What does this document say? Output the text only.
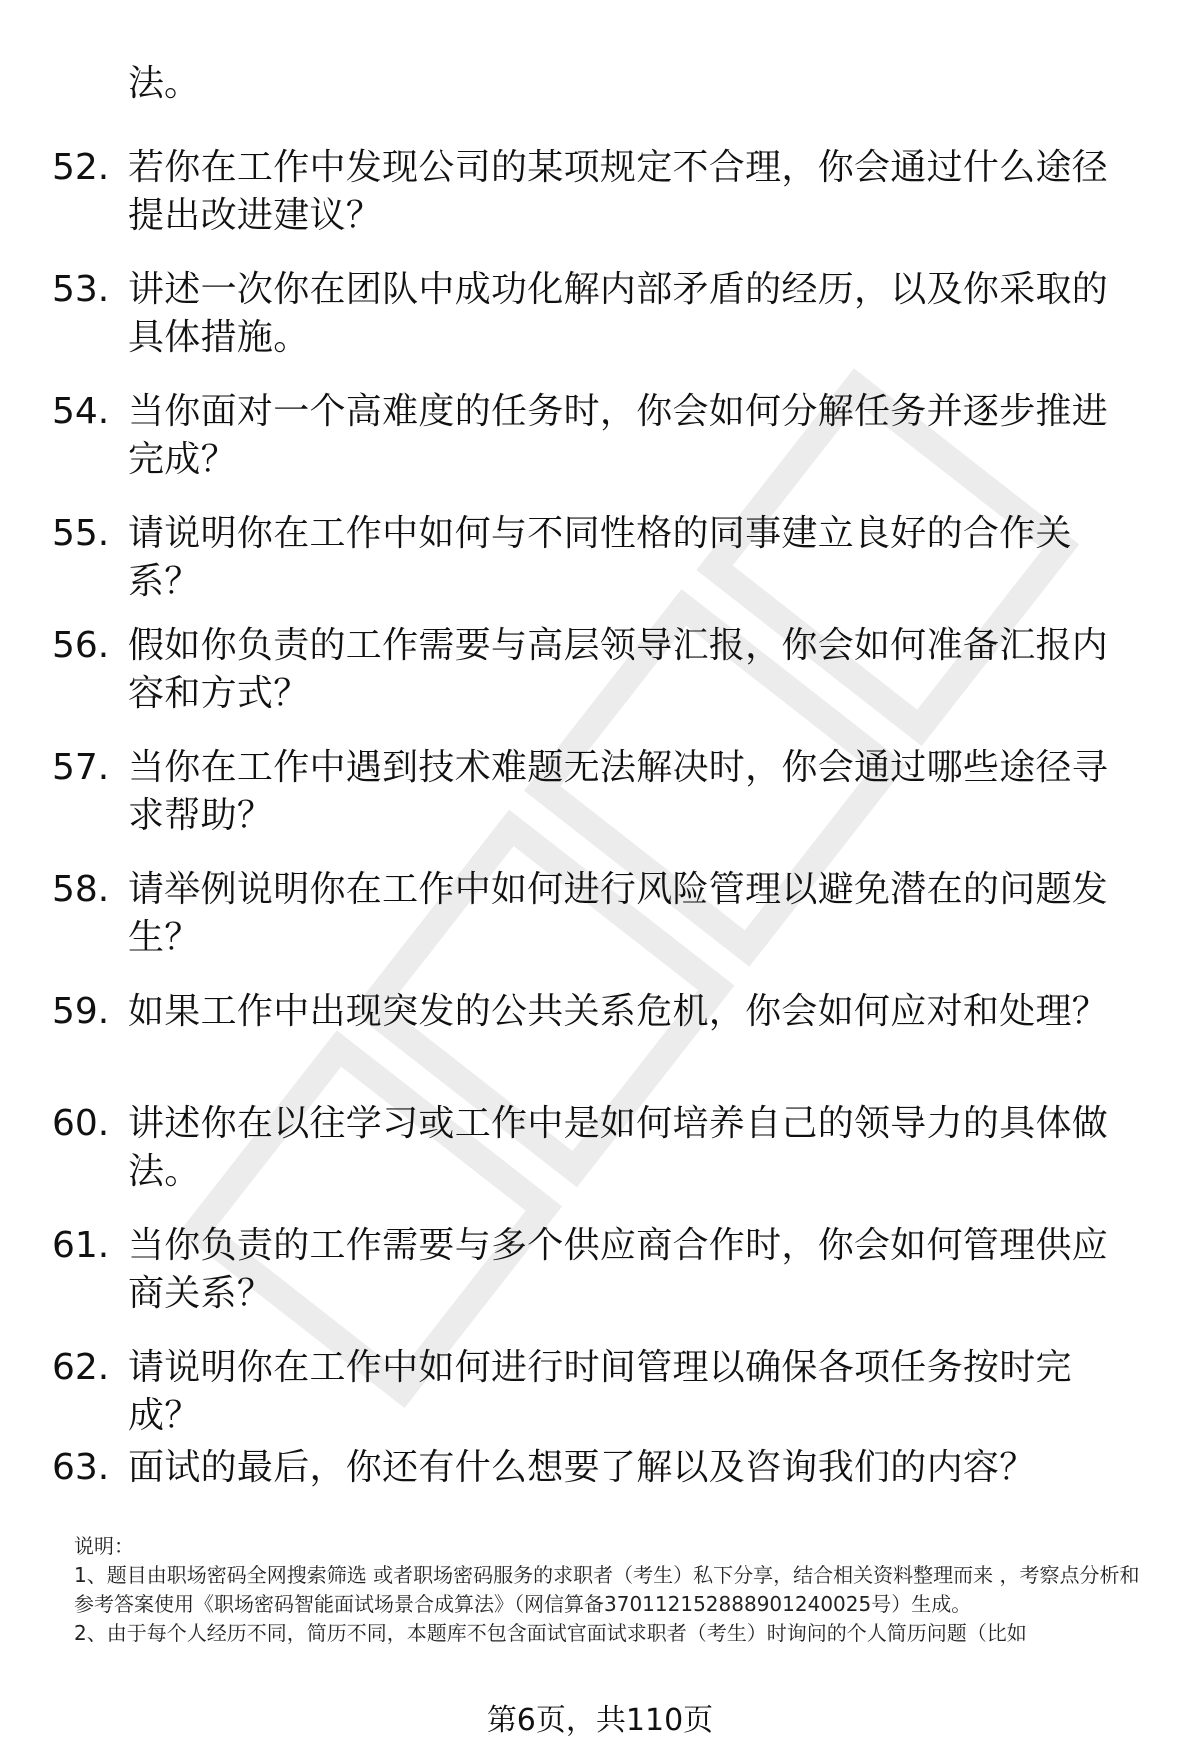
法。

52. 若你在工作中发现公司的某项规定不合理，你会通过什么途径提出改进建议？
53. 讲述一次你在团队中成功化解内部矛盾的经历，以及你采取的具体措施。
54. 当你面对一个高难度的任务时，你会如何分解任务并逐步推进完成？
55. 请说明你在工作中如何与不同性格的同事建立良好的合作关系？
56. 假如你负责的工作需要与高层领导汇报，你会如何准备汇报内容和方式？
57. 当你在工作中遇到技术难题无法解决时，你会通过哪些途径寻求帮助？
58. 请举例说明你在工作中如何进行风险管理以避免潜在的问题发生？
59. 如果工作中出现突发的公共关系危机，你会如何应对和处理？
60. 讲述你在以往学习或工作中是如何培养自己的领导力的具体做法。
61. 当你负责的工作需要与多个供应商合作时，你会如何管理供应商关系？
62. 请说明你在工作中如何进行时间管理以确保各项任务按时完成？
63. 面试的最后，你还有什么想要了解以及咨询我们的内容？

说明：

1、题目由职场密码全网搜索筛选 或者职场密码服务的求职者（考生）私下分享，结合相关资料整理而来 ，考察点分析和参考答案使用《职场密码智能面试场景合成算法》（网信算备370112152888901240025号）生成。

2、由于每个人经历不同，简历不同，本题库不包含面试官面试求职者（考生）时询问的个人简历问题（比如

第6页，共110页
